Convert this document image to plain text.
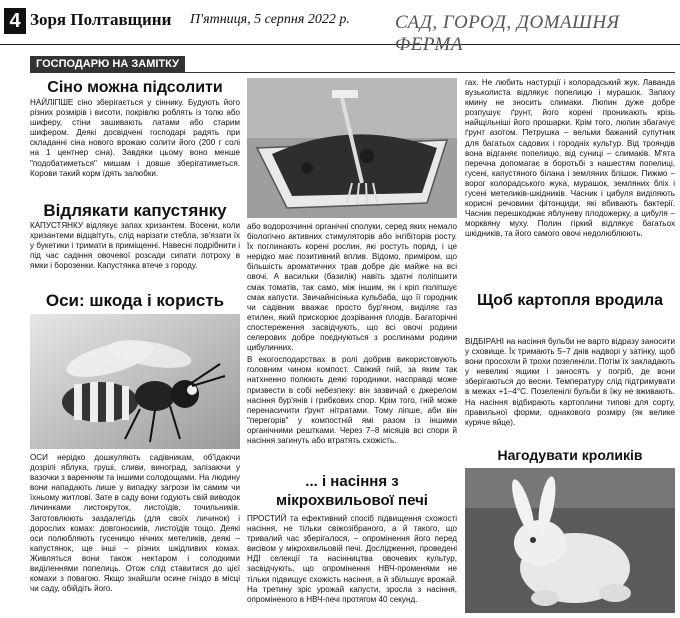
4 Зоря Полтавщини П'ятниця, 5 серпня 2022 р. САД, ГОРОД, ДОМАШНЯ ФЕРМА
ГОСПОДАРЮ НА ЗАМІТКУ
Сіно можна підсолити

НАЙЛІПШЕ сіно зберігається у сіннику. Будують його різних розмірів і висоти, покрівлю роблять із толю або шиферу, стіни зашивають латами або старим шифером. Деякі досвідчені господарі радять при складанні сіна нового врожаю солити його (200 г солі на 1 центнер сіна). Завдяки цьому воно менше "подобатиметься" мишам і довше зберігатиметься. Корови такий корм їдять залюбки.

Відлякати капустянку

КАПУСТЯНКУ відлякує запах хризантем. Восени, коли хризантеми відцвітуть, слід нарізати стебла, зв'язати їх у букетики і тримати в приміщенні. Навесні подрібнити і під час садіння овочевої розсади сипати потроху в ямки і борозенки. Капустянка втече з городу.

Оси: шкода і користь

ОСИ нерідко дошкуляють садівникам, об'їдаючи дозрілі яблука, груші, сливи, виноград, залізаючи у вазочки з варенням та іншими солодощами. На людину вони нападають лише у випадку загрози їм самим чи їхньому житлові. Зате в саду вони годують свій виводок личинками листокруток, листоїдів, точильників. Заготовлюють заздалегідь (для своїх личинок) і дорослих комах: довгоносиків, листоїдів тощо. Деякі оси полюбляють гусеницю нічних метеликів, деякі – капустянок, ще інші – різних шкідливих комах. Живляться вони також нектаром і солодкими виділеннями попелиць. Отож слід ставитися до цієї комахи з повагою. Якщо знайшли осине гніздо в місці чи саду, обійдіть його.

або водорозчинні органічні сполуки, серед яких немало біологічно активних стимуляторів або інгібіторів росту. Їх поглинають корені рослин, які ростуть поряд, і це нерідко має позитивний вплив. Відомо, приміром, що більшість ароматичних трав добре діє майже на всі овочі. А васильки (базилік) навіть здатні поліпшити смак томатів, так само, між іншим, як і кріп поліпшує смак капусти. Звичайнісінька кульбаба, що її городник чи садівник вважає просто бур'яном, виділяє газ етилен, який прискорює дозрівання плодів. Багаторічні спостереження засвідчують, що всі овочі родини селерових добре поєднуються з рослинами родини цибулинних.

В екогосподарствах в ролі добрив використовують головним чином компост. Свіжий гній, за яким так натхненно полюють деякі городники, насправді може призвести в собі небезпеку: він зазвичай є джерелом насіння бур'янів і грибкових спор. Крім того, гній може перенасичити ґрунт нітратами. Тому ліпше, аби він "перегорів" у компостній ямі разом із іншими органічними рештками. Через 7–8 місяців всі спори й насіння загинуть або втратять схожість.

... і насіння з мікрохвильової печі

ПРОСТИЙ та ефективний спосіб підвищення схожості насіння, не тільки свіжозібраного, а й такого, що тривалий час зберігалося, – опромінення його перед висівом у мікрохвильовій печі. Дослідження, проведені НДІ селекції та насінництва овочевих культур, засвідчують, що опромінення НВЧ-променями не тільки підвищує схожість насіння, а й збільшує врожай. На третину зріс урожай капусти, зросла з насіння, опроміненого в НВЧ-печі протягом 40 секунд.

гах. Не любить настурції і колорадський жук. Лаванда вузьколиста відлякує попелицю і мурашок. Запаху кмину не зносить слимаки. Люпин дуже добре розпушує ґрунт, його корені проникають крізь найщільніші його прошарки. Крім того, люпин збагачує ґрунт азотом. Петрушка – вельми бажаний супутник для багатьох садових і городніх культур. Від трояндів вона відганяє попелицю, від суниці – слимаків. М'ята перечна допомагає в боротьбі з нашестям попелиці, гусені, капустяного білана і земляних блішок. Пижмо – ворог колорадського жука, мурашок, земляних бліх і гусені метеликів-шкідників. Часник і цибуля виділяють корисні речовини фітонциди, які вбивають бактерії. Часник перешкоджає яблуневу плодожерку, а цибуля – морквяну муху. Полин гіркий відлякує багатьох шкідників, та його самого овочі недолюблюють.

Щоб картопля вродила

ВІДБІРАНІ на насіння бульби не варто відразу заносити у сховище. Їх тримають 5–7 днів надворі у затінку, щоб вони просохли й трохи позеленіли. Потім їх закладають у невеликі ящики і заносять у погріб, де вони зберігаються до весни. Температуру слід підтримувати в межах +1–4°С. Позеленілі бульби в їжу не вживають. На насіння відбирають картоплини типові для сорту, правильної форми, однакового розміру (як велике куряче яйце).

Нагодувати кроликів
